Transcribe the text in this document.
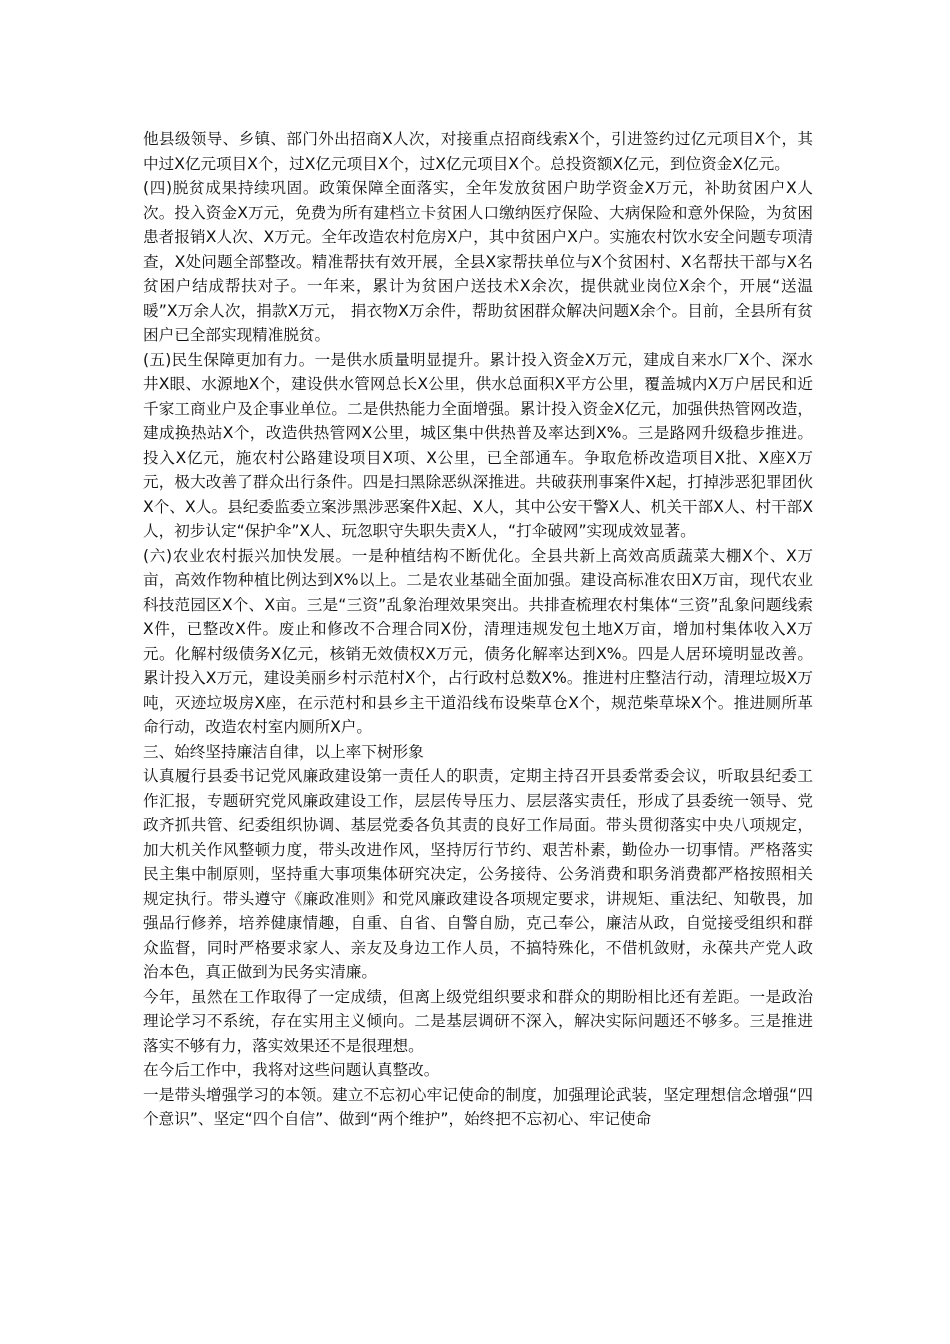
他县级领导、乡镇、部门外出招商X人次，对接重点招商线索X个，引进签约过亿元项目X个，其中过X亿元项目X个，过X亿元项目X个，过X亿元项目X个。总投资额X亿元，到位资金X亿元。

(四)脱贫成果持续巩固。政策保障全面落实，全年发放贫困户助学资金X万元，补助贫困户X人次。投入资金X万元，免费为所有建档立卡贫困人口缴纳医疗保险、大病保险和意外保险，为贫困患者报销X人次、X万元。全年改造农村危房X户，其中贫困户X户。实施农村饮水安全问题专项清查，X处问题全部整改。精准帮扶有效开展，全县X家帮扶单位与X个贫困村、X名帮扶干部与X名贫困户结成帮扶对子。一年来，累计为贫困户送技术X余次，提供就业岗位X余个，开展“送温暖”X万余人次，捐款X万元， 捐衣物X万余件，帮助贫困群众解决问题X余个。目前，全县所有贫困户已全部实现精准脱贫。

(五)民生保障更加有力。一是供水质量明显提升。累计投入资金X万元，建成自来水厂X个、深水井X眼、水源地X个，建设供水管网总长X公里，供水总面积X平方公里，覆盖城内X万户居民和近千家工商业户及企事业单位。二是供热能力全面增强。累计投入资金X亿元，加强供热管网改造，建成换热站X个，改造供热管网X公里，城区集中供热普及率达到X%。三是路网升级稳步推进。投入X亿元，施农村公路建设项目X项、X公里，已全部通车。争取危桥改造项目X批、X座X万元，极大改善了群众出行条件。四是扫黑除恶纵深推进。共破获刑事案件X起，打掉涉恶犯罪团伙X个、X人。县纪委监委立案涉黑涉恶案件X起、X人，其中公安干警X人、机关干部X人、村干部X人，初步认定“保护伞”X人、玩忽职守失职失责X人，“打伞破网”实现成效显著。

(六)农业农村振兴加快发展。一是种植结构不断优化。全县共新上高效高质蔬菜大棚X个、X万亩，高效作物种植比例达到X%以上。二是农业基础全面加强。建设高标准农田X万亩，现代农业科技范园区X个、X亩。三是“三资”乱象治理效果突出。共排查梳理农村集体“三资”乱象问题线索X件，已整改X件。废止和修改不合理合同X份，清理违规发包土地X万亩，增加村集体收入X万元。化解村级债务X亿元，核销无效债权X万元，债务化解率达到X%。四是人居环境明显改善。累计投入X万元，建设美丽乡村示范村X个，占行政村总数X%。推进村庄整洁行动，清理垃圾X万吨，灭迹垃圾房X座，在示范村和县乡主干道沿线布设柴草仓X个，规范柴草垛X个。推进厕所革命行动，改造农村室内厕所X户。

三、始终坚持廉洁自律，以上率下树形象

认真履行县委书记党风廉政建设第一责任人的职责，定期主持召开县委常委会议，听取县纪委工作汇报，专题研究党风廉政建设工作，层层传导压力、层层落实责任，形成了县委统一领导、党政齐抓共管、纪委组织协调、基层党委各负其责的良好工作局面。带头贯彻落实中央八项规定，加大机关作风整顿力度，带头改进作风，坚持厉行节约、艰苦朴素，勤俭办一切事情。严格落实民主集中制原则，坚持重大事项集体研究决定，公务接待、公务消费和职务消费都严格按照相关规定执行。带头遵守《廉政准则》和党风廉政建设各项规定要求，讲规矩、重法纪、知敬畏，加强品行修养，培养健康情趣，自重、自省、自警自励，克己奉公，廉洁从政，自觉接受组织和群众监督，同时严格要求家人、亲友及身边工作人员，不搞特殊化，不借机敛财，永葆共产党人政治本色，真正做到为民务实清廉。

今年，虽然在工作取得了一定成绩，但离上级党组织要求和群众的期盼相比还有差距。一是政治理论学习不系统，存在实用主义倾向。二是基层调研不深入，解决实际问题还不够多。三是推进落实不够有力，落实效果还不是很理想。

在今后工作中，我将对这些问题认真整改。

一是带头增强学习的本领。建立不忘初心牢记使命的制度，加强理论武装，坚定理想信念增强“四个意识”、坚定“四个自信”、做到“两个维护”，始终把不忘初心、牢记使命
